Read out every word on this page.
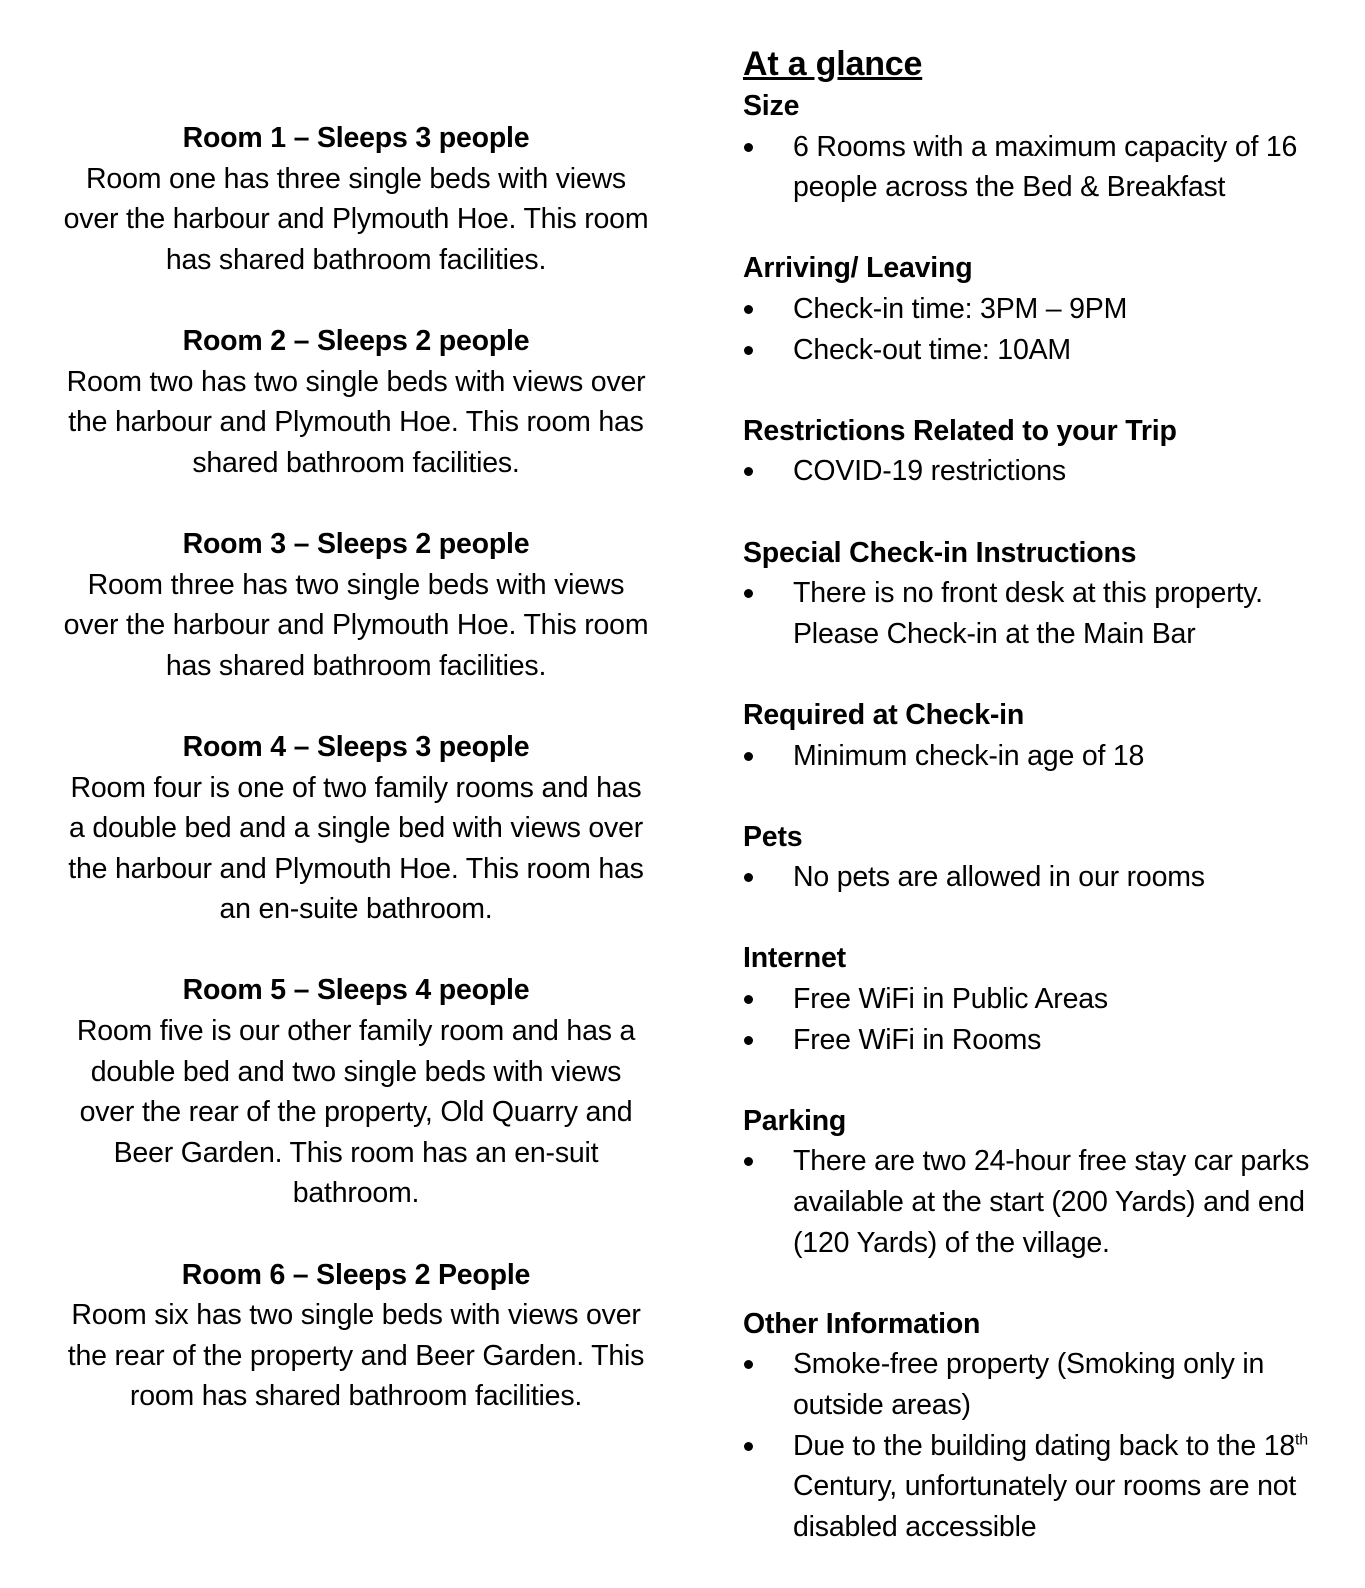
Room 1 – Sleeps 3 people
Room one has three single beds with views over the harbour and Plymouth Hoe. This room has shared bathroom facilities.
Room 2 – Sleeps 2 people
Room two has two single beds with views over the harbour and Plymouth Hoe. This room has shared bathroom facilities.
Room 3 – Sleeps 2 people
Room three has two single beds with views over the harbour and Plymouth Hoe. This room has shared bathroom facilities.
Room 4 – Sleeps 3 people
Room four is one of two family rooms and has a double bed and a single bed with views over the harbour and Plymouth Hoe. This room has an en-suite bathroom.
Room 5 – Sleeps 4 people
Room five is our other family room and has a double bed and two single beds with views over the rear of the property, Old Quarry and Beer Garden. This room has an en-suit bathroom.
Room 6 – Sleeps 2 People
Room six has two single beds with views over the rear of the property and Beer Garden. This room has shared bathroom facilities.
At a glance
Size
6 Rooms with a maximum capacity of 16 people across the Bed & Breakfast
Arriving/ Leaving
Check-in time: 3PM – 9PM
Check-out time: 10AM
Restrictions Related to your Trip
COVID-19 restrictions
Special Check-in Instructions
There is no front desk at this property. Please Check-in at the Main Bar
Required at Check-in
Minimum check-in age of 18
Pets
No pets are allowed in our rooms
Internet
Free WiFi in Public Areas
Free WiFi in Rooms
Parking
There are two 24-hour free stay car parks available at the start (200 Yards) and end (120 Yards) of the village.
Other Information
Smoke-free property (Smoking only in outside areas)
Due to the building dating back to the 18th Century, unfortunately our rooms are not disabled accessible
